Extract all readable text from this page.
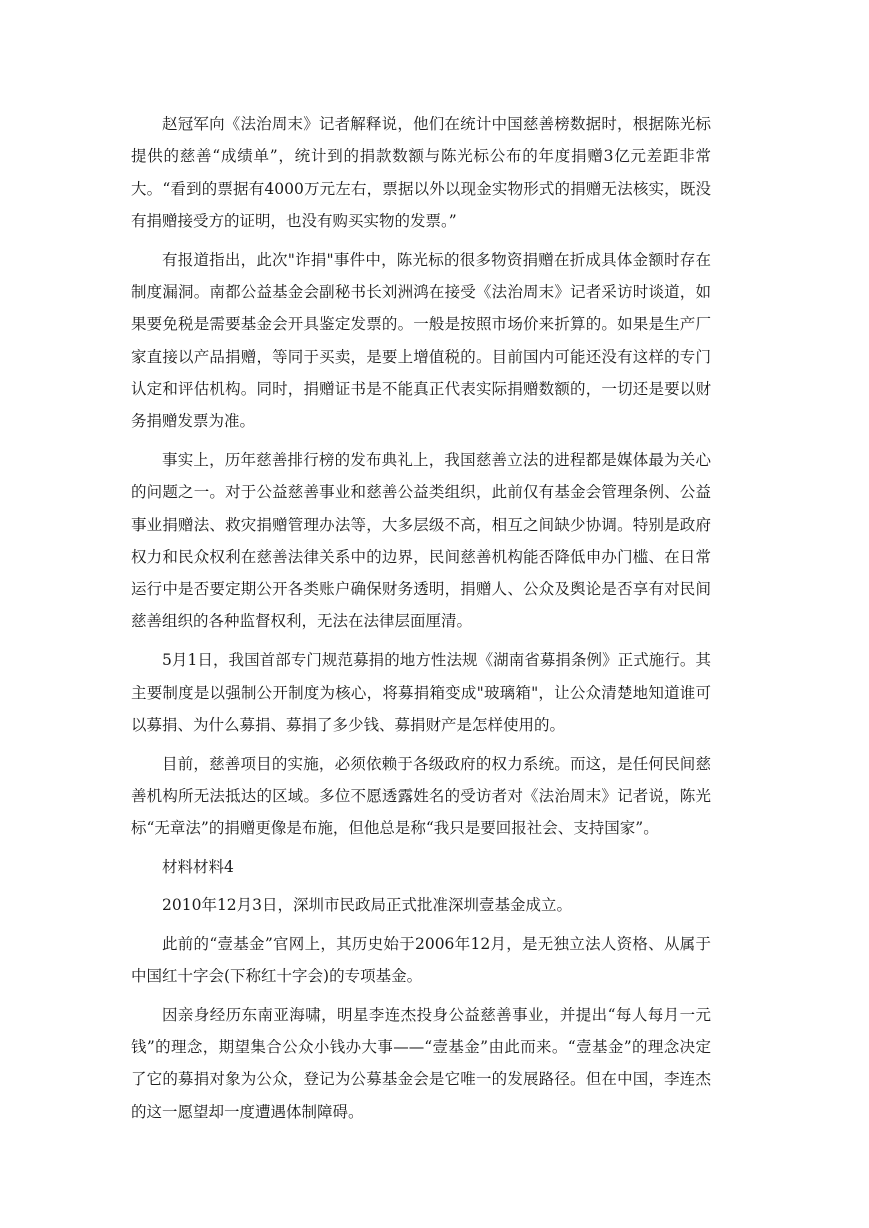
赵冠军向《法治周末》记者解释说，他们在统计中国慈善榜数据时，根据陈光标提供的慈善“成绩单”，统计到的捐款数额与陈光标公布的年度捐赠3亿元差距非常大。“看到的票据有4000万元左右，票据以外以现金实物形式的捐赠无法核实，既没有捐赠接受方的证明，也没有购买实物的发票。”

有报道指出，此次"诈捐"事件中，陈光标的很多物资捐赠在折成具体金额时存在制度漏洞。南都公益基金会副秘书长刘洲鸿在接受《法治周末》记者采访时谈道，如果要免税是需要基金会开具鉴定发票的。一般是按照市场价来折算的。如果是生产厂家直接以产品捐赠，等同于买卖，是要上增值税的。目前国内可能还没有这样的专门认定和评估机构。同时，捐赠证书是不能真正代表实际捐赠数额的，一切还是要以财务捐赠发票为准。

事实上，历年慈善排行榜的发布典礼上，我国慈善立法的进程都是媒体最为关心的问题之一。对于公益慈善事业和慈善公益类组织，此前仅有基金会管理条例、公益事业捐赠法、救灾捐赠管理办法等，大多层级不高，相互之间缺少协调。特别是政府权力和民众权利在慈善法律关系中的边界，民间慈善机构能否降低申办门槛、在日常运行中是否要定期公开各类账户确保财务透明，捐赠人、公众及舆论是否享有对民间慈善组织的各种监督权利，无法在法律层面厘清。

5月1日，我国首部专门规范募捐的地方性法规《湖南省募捐条例》正式施行。其主要制度是以强制公开制度为核心，将募捐箱变成"玻璃箱"，让公众清楚地知道谁可以募捐、为什么募捐、募捐了多少钱、募捐财产是怎样使用的。

目前，慈善项目的实施，必须依赖于各级政府的权力系统。而这，是任何民间慈善机构所无法抵达的区域。多位不愿透露姓名的受访者对《法治周末》记者说，陈光标“无章法”的捐赠更像是布施，但他总是称“我只是要回报社会、支持国家”。

材料材料4

2010年12月3日，深圳市民政局正式批准深圳壹基金成立。

此前的“壹基金”官网上，其历史始于2006年12月，是无独立法人资格、从属于中国红十字会(下称红十字会)的专项基金。

因亲身经历东南亚海啸，明星李连杰投身公益慈善事业，并提出“每人每月一元钱”的理念，期望集合公众小钱办大事——“壹基金”由此而来。“壹基金”的理念决定了它的募捐对象为公众，登记为公募基金会是它唯一的发展路径。但在中国，李连杰的这一愿望却一度遭遇体制障碍。
